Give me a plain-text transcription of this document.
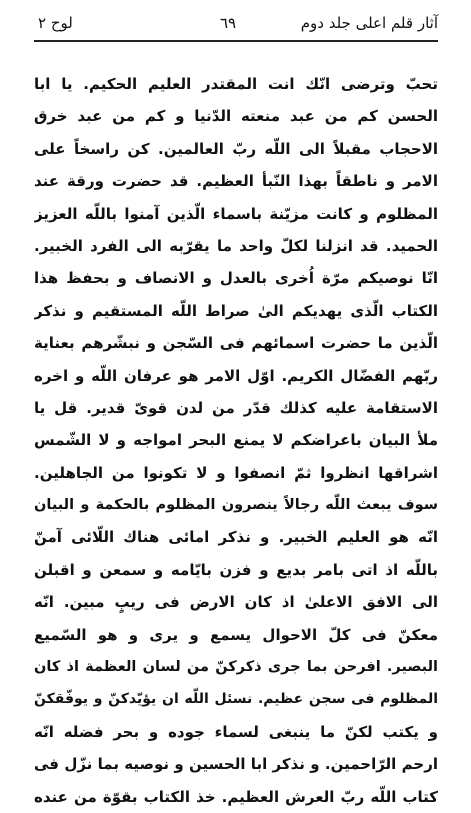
لوح ٢	٦٩	آثار قلم اعلی جلد دوم
تحبّ وترضى انّك انت المقتدر العليم الحكيم. يا ابا
الحسن كم من عبد منعته الدّنيا و كم من عبد خرق
الاحجاب مقبلاً الى اللّه ربّ العالمين. كن راسخاً على
الامر و ناطقاً بهذا النّبأ العظيم. قد حضرت ورقة عند
المظلوم و كانت مزيّنة باسماء الّذين آمنوا باللّه العزيز
الحميد. قد انزلنا لكلّ واحد ما يقرّبه الى الفرد الخبير.
انّا نوصيكم مرّة اُخرى بالعدل و الانصاف و بحفظ هذا
الكتاب الّذى يهديكم الىٰ صراط اللّه المستقيم و نذكر
الّذين ما حضرت اسمائهم فى السّجن و نبشّرهم بعناية
ربّهم الفضّال الكريم. اوّل الامر هو عرفان اللّه و اخره
الاستقامة عليه كذلك قدّر من لدن قوىّ قدير. قل يا
ملأ البيان باعراضكم لا يمنع البحر امواجه و لا الشّمس
اشراقها انظروا ثمّ انصفوا و لا تكونوا من الجاهلين.
سوف يبعث اللّه رجالاً ينصرون المظلوم بالحكمة و البيان
انّه هو العليم الخبير. و نذكر امائى هناك اللّائى آمنّ
باللّه اذ اتى بامر بديع و فزن بايّامه و سمعن و اقبلن
الى الافق الاعلىٰ اذ كان الارض فى ريبٍ مبين. انّه
معكنّ فى كلّ الاحوال يسمع و يرى و هو السّميع
البصير. افرحن بما جرى ذكركنّ من لسان العظمة اذ كان
المظلوم فى سجن عظيم. نسئل اللّه ان يؤيّدكنّ و يوفّقكنّ
و يكتب لكنّ ما ينبغى لسماء جوده و بحر فضله انّه
ارحم الرّاحمين. و نذكر ابا الحسين و نوصيه بما نزّل فى
كتاب اللّه ربّ العرش العظيم. خذ الكتاب بقوّة من عنده
